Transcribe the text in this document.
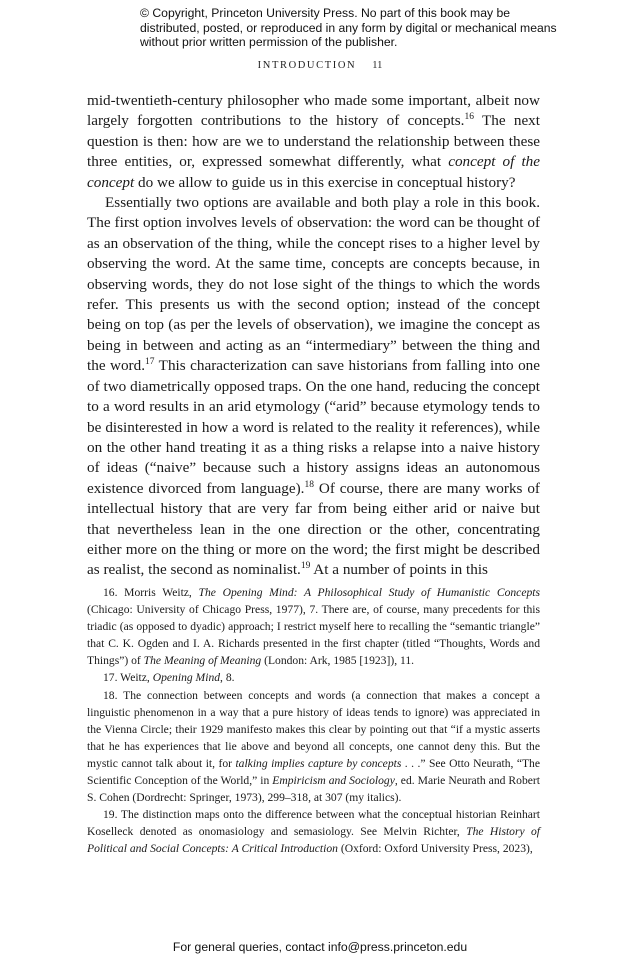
© Copyright, Princeton University Press. No part of this book may be distributed, posted, or reproduced in any form by digital or mechanical means without prior written permission of the publisher.
INTRODUCTION 11

mid-twentieth-century philosopher who made some important, albeit now largely forgotten contributions to the history of concepts.$^{16}$ The next question is then: how are we to understand the relationship between these three entities, or, expressed somewhat differently, what concept of the concept do we allow to guide us in this exercise in conceptual history?

Essentially two options are available and both play a role in this book. The first option involves levels of observation: the word can be thought of as an observation of the thing, while the concept rises to a higher level by observing the word. At the same time, concepts are concepts because, in observing words, they do not lose sight of the things to which the words refer. This presents us with the second option; instead of the concept being on top (as per the levels of observation), we imagine the concept as being in between and acting as an “intermediary” between the thing and the word.$^{17}$ This characterization can save historians from falling into one of two diametrically opposed traps. On the one hand, reducing the concept to a word results in an arid etymology (“arid” because etymology tends to be disinterested in how a word is related to the reality it references), while on the other hand treating it as a thing risks a relapse into a naive history of ideas (“naive” because such a history assigns ideas an autonomous existence divorced from language).$^{18}$ Of course, there are many works of intellectual history that are very far from being either arid or naive but that nevertheless lean in the one direction or the other, concentrating either more on the thing or more on the word; the first might be described as realist, the second as nominalist.$^{19}$ At a number of points in this

16. Morris Weitz, The Opening Mind: A Philosophical Study of Humanistic Concepts (Chicago: University of Chicago Press, 1977), 7. There are, of course, many precedents for this triadic (as opposed to dyadic) approach; I restrict myself here to recalling the “semantic triangle” that C. K. Ogden and I. A. Richards presented in the first chapter (titled “Thoughts, Words and Things”) of The Meaning of Meaning (London: Ark, 1985 [1923]), 11.

17. Weitz, Opening Mind, 8.

18. The connection between concepts and words (a connection that makes a concept a linguistic phenomenon in a way that a pure history of ideas tends to ignore) was appreciated in the Vienna Circle; their 1929 manifesto makes this clear by pointing out that “if a mystic asserts that he has experiences that lie above and beyond all concepts, one cannot deny this. But the mystic cannot talk about it, for talking implies capture by concepts . . .” See Otto Neurath, “The Scientific Conception of the World,” in Empiricism and Sociology, ed. Marie Neurath and Robert S. Cohen (Dordrecht: Springer, 1973), 299–318, at 307 (my italics).

19. The distinction maps onto the difference between what the conceptual historian Reinhart Koselleck denoted as onomasiology and semasiology. See Melvin Richter, The History of Political and Social Concepts: A Critical Introduction (Oxford: Oxford University Press, 2023),

For general queries, contact info@press.princeton.edu
